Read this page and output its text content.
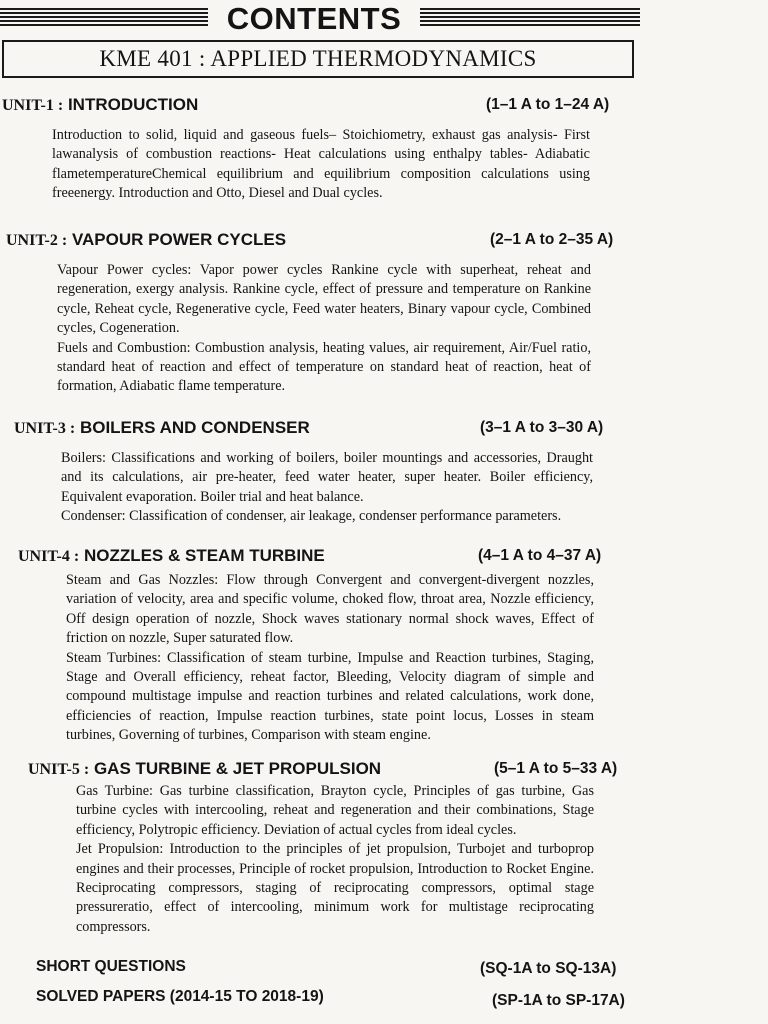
CONTENTS
KME 401 : APPLIED THERMODYNAMICS
UNIT-1 : INTRODUCTION	(1–1 A to 1–24 A)

Introduction to solid, liquid and gaseous fuels– Stoichiometry, exhaust gas analysis- First lawanalysis of combustion reactions- Heat calculations using enthalpy tables- Adiabatic flametemperatureChemical equilibrium and equilibrium composition calculations using freeenergy. Introduction and Otto, Diesel and Dual cycles.

UNIT-2 : VAPOUR POWER CYCLES	(2–1 A to 2–35 A)

Vapour Power cycles: Vapor power cycles Rankine cycle with superheat, reheat and regeneration, exergy analysis. Rankine cycle, effect of pressure and temperature on Rankine cycle, Reheat cycle, Regenerative cycle, Feed water heaters, Binary vapour cycle, Combined cycles, Cogeneration.

Fuels and Combustion: Combustion analysis, heating values, air requirement, Air/Fuel ratio, standard heat of reaction and effect of temperature on standard heat of reaction, heat of formation, Adiabatic flame temperature.

UNIT-3 : BOILERS AND CONDENSER	(3–1 A to 3–30 A)

Boilers: Classifications and working of boilers, boiler mountings and accessories, Draught and its calculations, air pre-heater, feed water heater, super heater. Boiler efficiency, Equivalent evaporation. Boiler trial and heat balance.

Condenser: Classification of condenser, air leakage, condenser performance parameters.

UNIT-4 : NOZZLES & STEAM TURBINE	(4–1 A to 4–37 A)

Steam and Gas Nozzles: Flow through Convergent and convergent-divergent nozzles, variation of velocity, area and specific volume, choked flow, throat area, Nozzle efficiency, Off design operation of nozzle, Shock waves stationary normal shock waves, Effect of friction on nozzle, Super saturated flow.

Steam Turbines: Classification of steam turbine, Impulse and Reaction turbines, Staging, Stage and Overall efficiency, reheat factor, Bleeding, Velocity diagram of simple and compound multistage impulse and reaction turbines and related calculations, work done, efficiencies of reaction, Impulse reaction turbines, state point locus, Losses in steam turbines, Governing of turbines, Comparison with steam engine.

UNIT-5 : GAS TURBINE & JET PROPULSION	(5–1 A to 5–33 A)

Gas Turbine: Gas turbine classification, Brayton cycle, Principles of gas turbine, Gas turbine cycles with intercooling, reheat and regeneration and their combinations, Stage efficiency, Polytropic efficiency. Deviation of actual cycles from ideal cycles.

Jet Propulsion: Introduction to the principles of jet propulsion, Turbojet and turboprop engines and their processes, Principle of rocket propulsion, Introduction to Rocket Engine. Reciprocating compressors, staging of reciprocating compressors, optimal stage pressureratio, effect of intercooling, minimum work for multistage reciprocating compressors.

SHORT QUESTIONS	(SQ-1A to SQ-13A)
SOLVED PAPERS (2014-15 TO 2018-19)	(SP-1A to SP-17A)
